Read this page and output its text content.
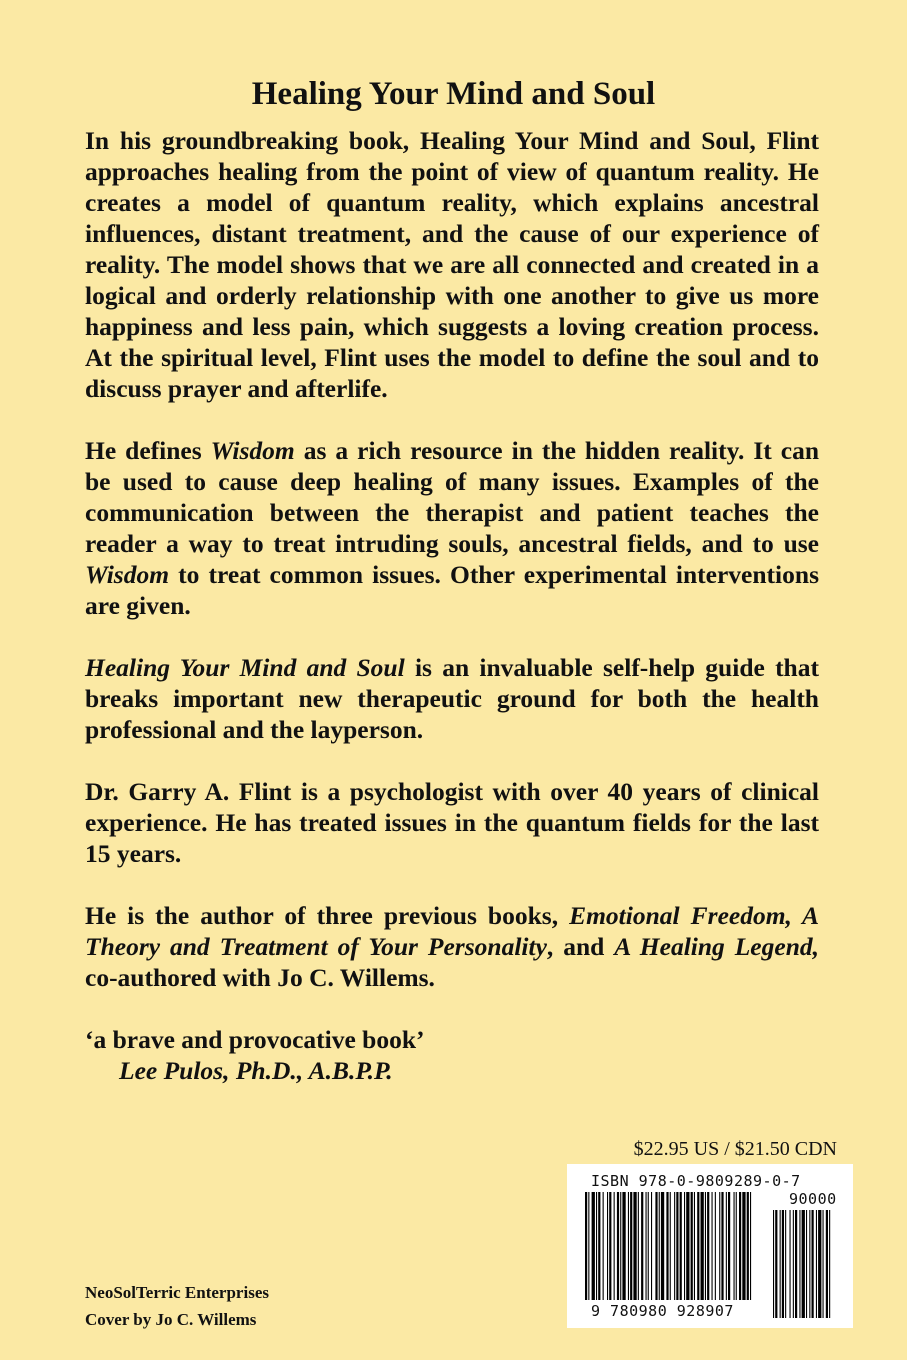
Healing Your Mind and Soul

In his groundbreaking book, Healing Your Mind and Soul, Flint approaches healing from the point of view of quantum reality. He creates a model of quantum reality, which explains ancestral influences, distant treatment, and the cause of our experience of reality. The model shows that we are all connected and created in a logical and orderly relationship with one another to give us more happiness and less pain, which suggests a loving creation process. At the spiritual level, Flint uses the model to define the soul and to discuss prayer and afterlife.

He defines Wisdom as a rich resource in the hidden reality. It can be used to cause deep healing of many issues. Examples of the communication between the therapist and patient teaches the reader a way to treat intruding souls, ancestral fields, and to use Wisdom to treat common issues. Other experimental interventions are given.

Healing Your Mind and Soul is an invaluable self-help guide that breaks important new therapeutic ground for both the health professional and the layperson.

Dr. Garry A. Flint is a psychologist with over 40 years of clinical experience. He has treated issues in the quantum fields for the last 15 years.

He is the author of three previous books, Emotional Freedom, A Theory and Treatment of Your Personality, and A Healing Legend, co-authored with Jo C. Willems.

‘a brave and provocative book’

Lee Pulos, Ph.D., A.B.P.P.

$22.95 US / $21.50 CDN
ISBN 978-0-9809289-0-7
90000
9 780980 928907
NeoSolTerric Enterprises
Cover by Jo C. Willems
